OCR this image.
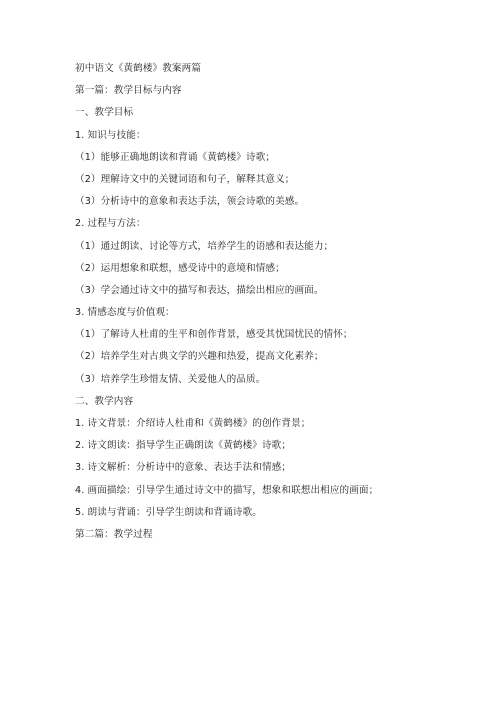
初中语文《黄鹤楼》教案两篇
第一篇：教学目标与内容
一、教学目标
1. 知识与技能：
（1）能够正确地朗读和背诵《黄鹤楼》诗歌；
（2）理解诗文中的关键词语和句子，解释其意义；
（3）分析诗中的意象和表达手法，领会诗歌的美感。
2. 过程与方法：
（1）通过朗读、讨论等方式，培养学生的语感和表达能力；
（2）运用想象和联想，感受诗中的意境和情感；
（3）学会通过诗文中的描写和表达，描绘出相应的画面。
3. 情感态度与价值观：
（1）了解诗人杜甫的生平和创作背景，感受其忧国忧民的情怀；
（2）培养学生对古典文学的兴趣和热爱，提高文化素养；
（3）培养学生珍惜友情、关爱他人的品质。
二、教学内容
1. 诗文背景：介绍诗人杜甫和《黄鹤楼》的创作背景；
2. 诗文朗读：指导学生正确朗读《黄鹤楼》诗歌；
3. 诗文解析：分析诗中的意象、表达手法和情感；
4. 画面描绘：引导学生通过诗文中的描写，想象和联想出相应的画面；
5. 朗读与背诵：引导学生朗读和背诵诗歌。
第二篇：教学过程
